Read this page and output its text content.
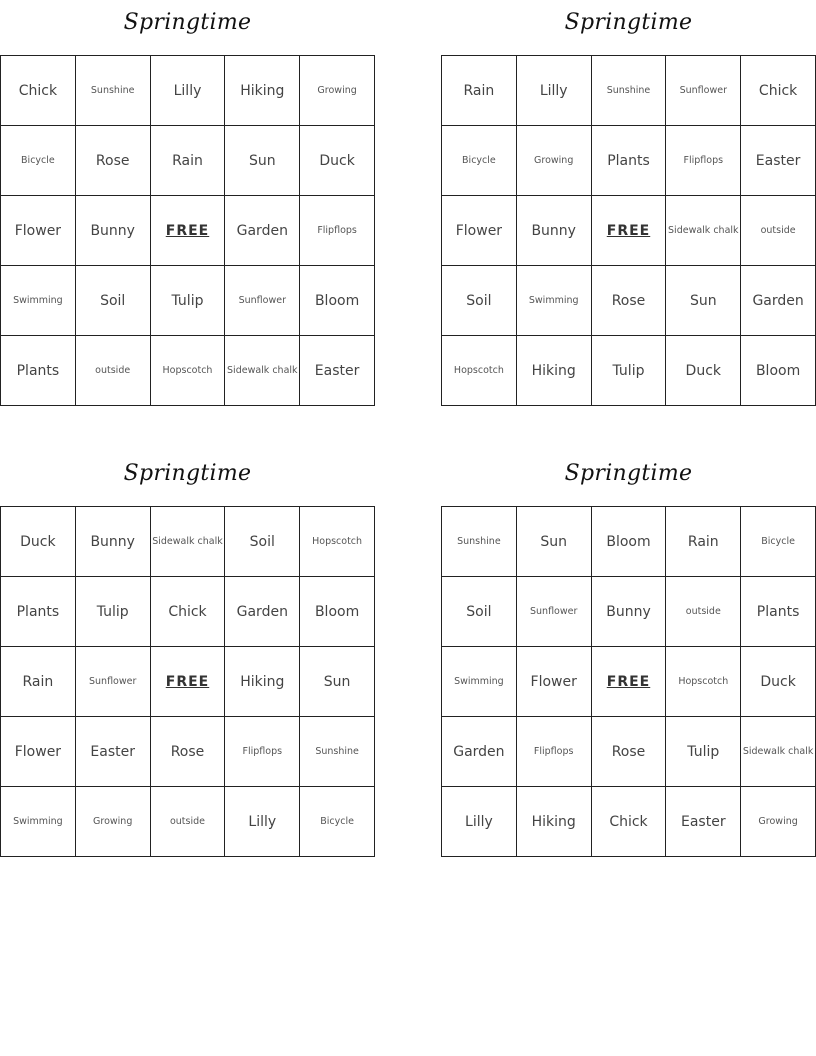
Springtime
Chick	Sunshine	Lilly	Hiking	Growing
Bicycle	Rose	Rain	Sun	Duck
Flower	Bunny	FREE	Garden	Flipflops
Swimming	Soil	Tulip	Sunflower	Bloom
Plants	outside	Hopscotch	Sidewalk chalk	Easter
Springtime
Rain	Lilly	Sunshine	Sunflower	Chick
Bicycle	Growing	Plants	Flipflops	Easter
Flower	Bunny	FREE	Sidewalk chalk	outside
Soil	Swimming	Rose	Sun	Garden
Hopscotch	Hiking	Tulip	Duck	Bloom
Springtime
Duck	Bunny	Sidewalk chalk	Soil	Hopscotch
Plants	Tulip	Chick	Garden	Bloom
Rain	Sunflower	FREE	Hiking	Sun
Flower	Easter	Rose	Flipflops	Sunshine
Swimming	Growing	outside	Lilly	Bicycle
Springtime
Sunshine	Sun	Bloom	Rain	Bicycle
Soil	Sunflower	Bunny	outside	Plants
Swimming	Flower	FREE	Hopscotch	Duck
Garden	Flipflops	Rose	Tulip	Sidewalk chalk
Lilly	Hiking	Chick	Easter	Growing
